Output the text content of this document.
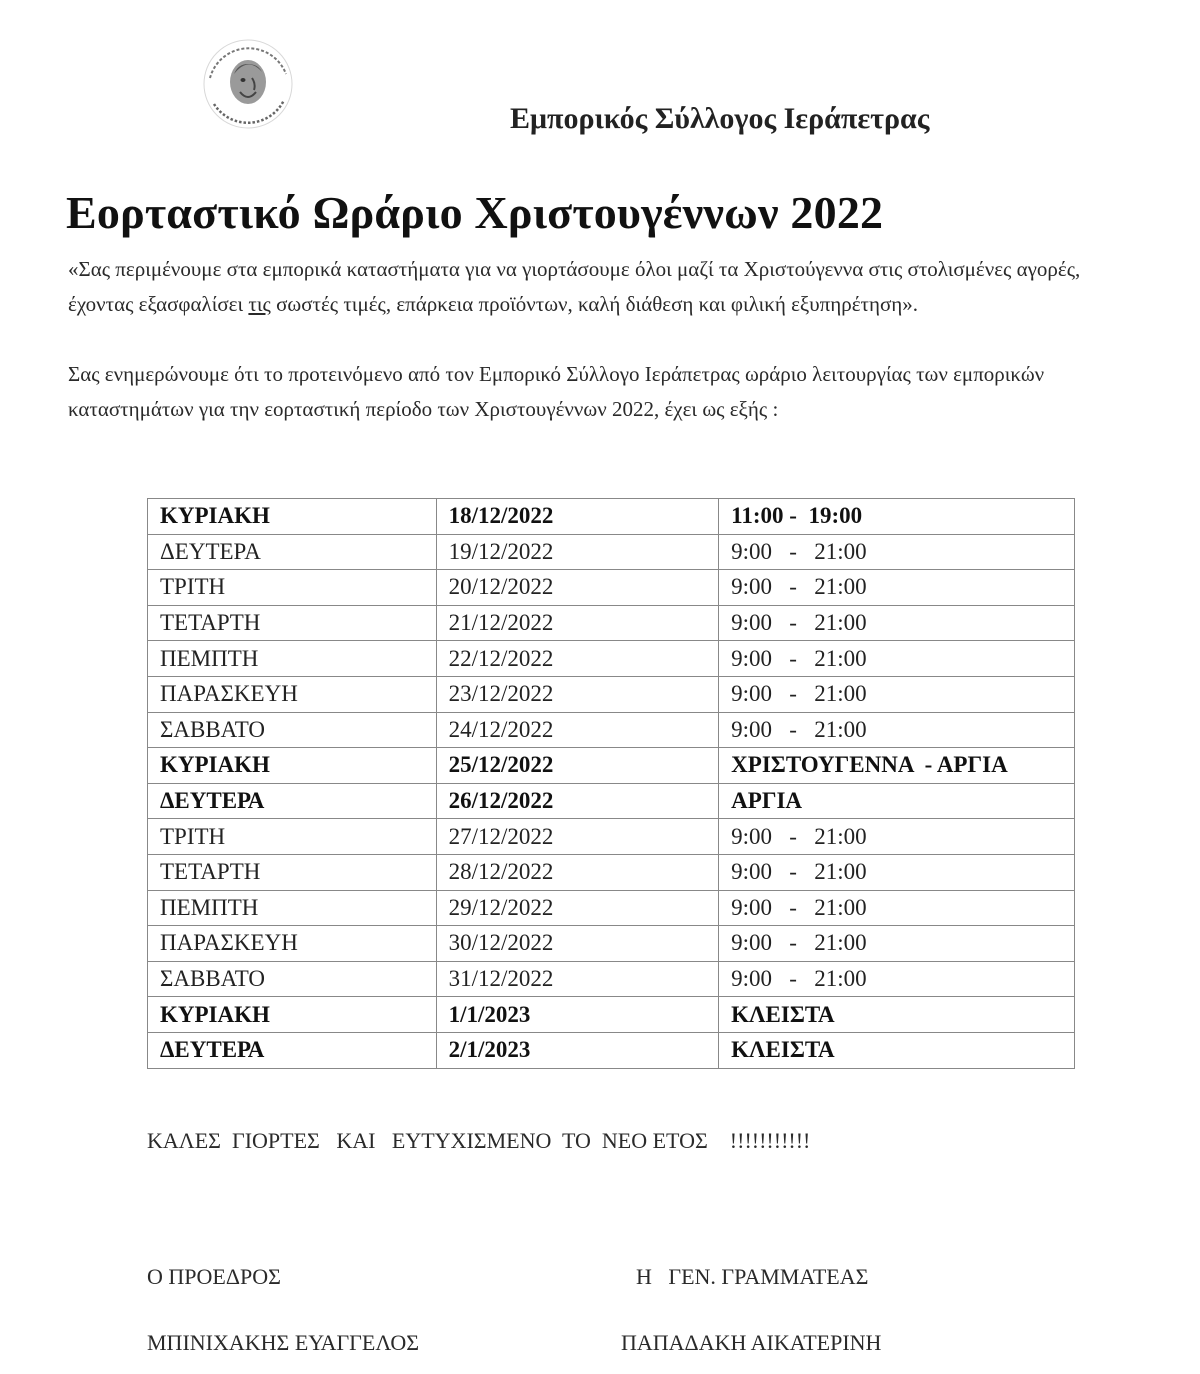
Εμπορικός Σύλλογος Ιεράπετρας
Εορταστικό Ωράριο Χριστουγέννων 2022
«Σας περιμένουμε στα εμπορικά καταστήματα για να γιορτάσουμε όλοι μαζί τα Χριστούγεννα στις στολισμένες αγορές, έχοντας εξασφαλίσει τις σωστές τιμές, επάρκεια προϊόντων, καλή διάθεση και φιλική εξυπηρέτηση».
Σας ενημερώνουμε ότι το προτεινόμενο από τον Εμπορικό Σύλλογο Ιεράπετρας ωράριο λειτουργίας των εμπορικών καταστημάτων για την εορταστική περίοδο των Χριστουγέννων 2022, έχει ως εξής :
ΚΥΡΙΑΚΗ	18/12/2022	11:00 -  19:00
ΔΕΥΤΕΡΑ	19/12/2022	9:00   -   21:00
ΤΡΙΤΗ	20/12/2022	9:00   -   21:00
ΤΕΤΑΡΤΗ	21/12/2022	9:00   -   21:00
ΠΕΜΠΤΗ	22/12/2022	9:00   -   21:00
ΠΑΡΑΣΚΕΥΗ	23/12/2022	9:00   -   21:00
ΣΑΒΒΑΤΟ	24/12/2022	9:00   -   21:00
ΚΥΡΙΑΚΗ	25/12/2022	ΧΡΙΣΤΟΥΓΕΝΝΑ  - ΑΡΓΙΑ
ΔΕΥΤΕΡΑ	26/12/2022	ΑΡΓΙΑ
ΤΡΙΤΗ	27/12/2022	9:00   -   21:00
ΤΕΤΑΡΤΗ	28/12/2022	9:00   -   21:00
ΠΕΜΠΤΗ	29/12/2022	9:00   -   21:00
ΠΑΡΑΣΚΕΥΗ	30/12/2022	9:00   -   21:00
ΣΑΒΒΑΤΟ	31/12/2022	9:00   -   21:00
ΚΥΡΙΑΚΗ	1/1/2023	ΚΛΕΙΣΤΑ
ΔΕΥΤΕΡΑ	2/1/2023	ΚΛΕΙΣΤΑ
ΚΑΛΕΣ  ΓΙΟΡΤΕΣ   ΚΑΙ   ΕΥΤΥΧΙΣΜΕΝΟ  ΤΟ  ΝΕΟ ΕΤΟΣ    !!!!!!!!!!!
Ο ΠΡΟΕΔΡΟΣ	Η   ΓΕΝ. ΓΡΑΜΜΑΤΕΑΣ
ΜΠΙΝΙΧΑΚΗΣ ΕΥΑΓΓΕΛΟΣ	ΠΑΠΑΔΑΚΗ ΑΙΚΑΤΕΡΙΝΗ
